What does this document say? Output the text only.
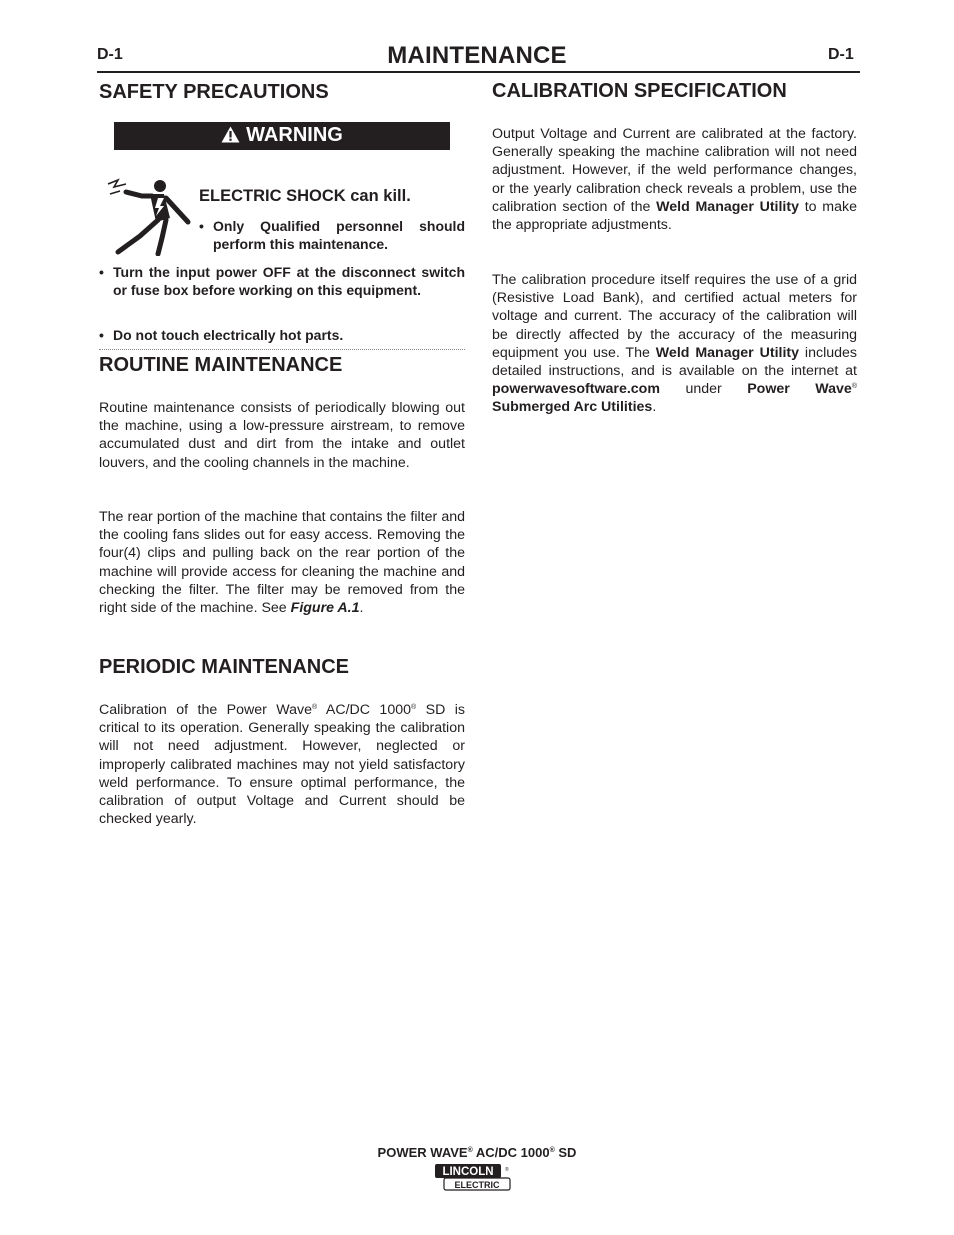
D-1	MAINTENANCE	D-1
SAFETY PRECAUTIONS
WARNING
ELECTRIC SHOCK can kill.
• Only Qualified personnel should perform this maintenance.
• Turn the input power OFF at the disconnect switch or fuse box before working on this equipment.
• Do not touch electrically hot parts.
ROUTINE MAINTENANCE

Routine maintenance consists of periodically blowing out the machine, using a low-pressure airstream, to remove accumulated dust and dirt from the intake and outlet louvers, and the cooling channels in the machine.

The rear portion of the machine that contains the filter and the cooling fans slides out for easy access. Removing the four(4) clips and pulling back on the rear portion of the machine will provide access for cleaning the machine and checking the filter. The filter may be removed from the right side of the machine. See Figure A.1.

PERIODIC MAINTENANCE

Calibration of the Power Wave® AC/DC 1000® SD is critical to its operation. Generally speaking the calibration will not need adjustment. However, neglected or improperly calibrated machines may not yield satisfactory weld performance. To ensure optimal performance, the calibration of output Voltage and Current should be checked yearly.

CALIBRATION SPECIFICATION

Output Voltage and Current are calibrated at the factory. Generally speaking the machine calibration will not need adjustment. However, if the weld performance changes, or the yearly calibration check reveals a problem, use the calibration section of the Weld Manager Utility to make the appropriate adjustments.

The calibration procedure itself requires the use of a grid (Resistive Load Bank), and certified actual meters for voltage and current. The accuracy of the calibration will be directly affected by the accuracy of the measuring equipment you use. The Weld Manager Utility includes detailed instructions, and is available on the internet at powerwavesoftware.com under Power Wave® Submerged Arc Utilities.

POWER WAVE® AC/DC 1000® SD
LINCOLN ®
ELECTRIC
